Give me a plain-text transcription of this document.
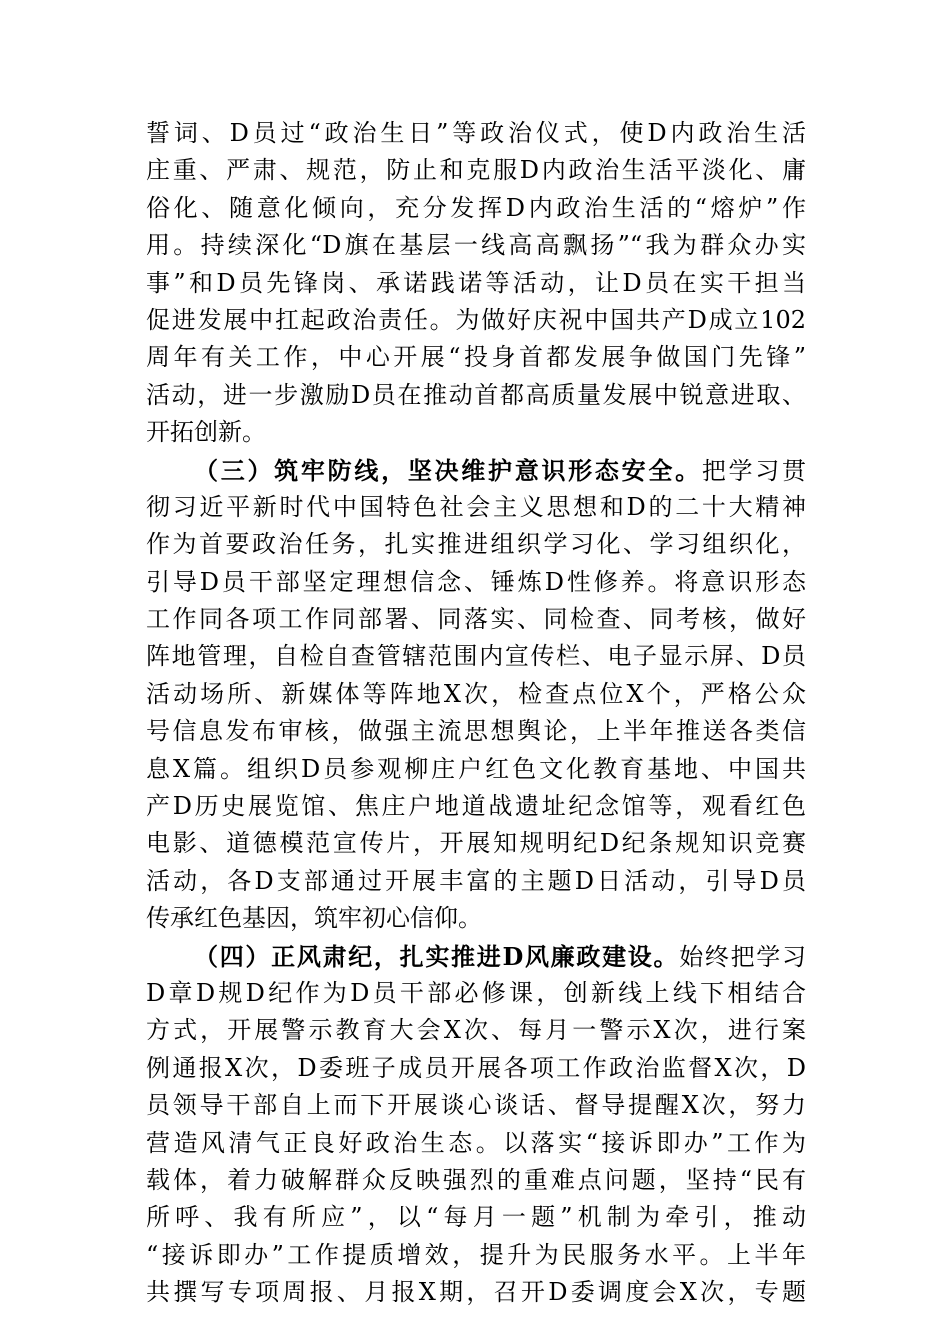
誓词、D员过“政治生日”等政治仪式，使D内政治生活
庄重、严肃、规范，防止和克服D内政治生活平淡化、庸
俗化、随意化倾向，充分发挥D内政治生活的“熔炉”作
用。持续深化“D旗在基层一线高高飘扬”“我为群众办实
事”和D员先锋岗、承诺践诺等活动，让D员在实干担当
促进发展中扛起政治责任。为做好庆祝中国共产D成立102
周年有关工作，中心开展“投身首都发展争做国门先锋”
活动，进一步激励D员在推动首都高质量发展中锐意进取、
开拓创新。
（三）筑牢防线，坚决维护意识形态安全。把学习贯
彻习近平新时代中国特色社会主义思想和D的二十大精神
作为首要政治任务，扎实推进组织学习化、学习组织化，
引导D员干部坚定理想信念、锤炼D性修养。将意识形态
工作同各项工作同部署、同落实、同检查、同考核，做好
阵地管理，自检自查管辖范围内宣传栏、电子显示屏、D员
活动场所、新媒体等阵地X次，检查点位X个，严格公众
号信息发布审核，做强主流思想舆论，上半年推送各类信
息X篇。组织D员参观柳庄户红色文化教育基地、中国共
产D历史展览馆、焦庄户地道战遗址纪念馆等，观看红色
电影、道德模范宣传片，开展知规明纪D纪条规知识竞赛
活动，各D支部通过开展丰富的主题D日活动，引导D员
传承红色基因，筑牢初心信仰。
（四）正风肃纪，扎实推进D风廉政建设。始终把学习
D章D规D纪作为D员干部必修课，创新线上线下相结合
方式，开展警示教育大会X次、每月一警示X次，进行案
例通报X次，D委班子成员开展各项工作政治监督X次，D
员领导干部自上而下开展谈心谈话、督导提醒X次，努力
营造风清气正良好政治生态。以落实“接诉即办”工作为
载体，着力破解群众反映强烈的重难点问题，坚持“民有
所呼、我有所应”，以“每月一题”机制为牵引，推动
“接诉即办”工作提质增效，提升为民服务水平。上半年
共撰写专项周报、月报X期，召开D委调度会X次，专题
